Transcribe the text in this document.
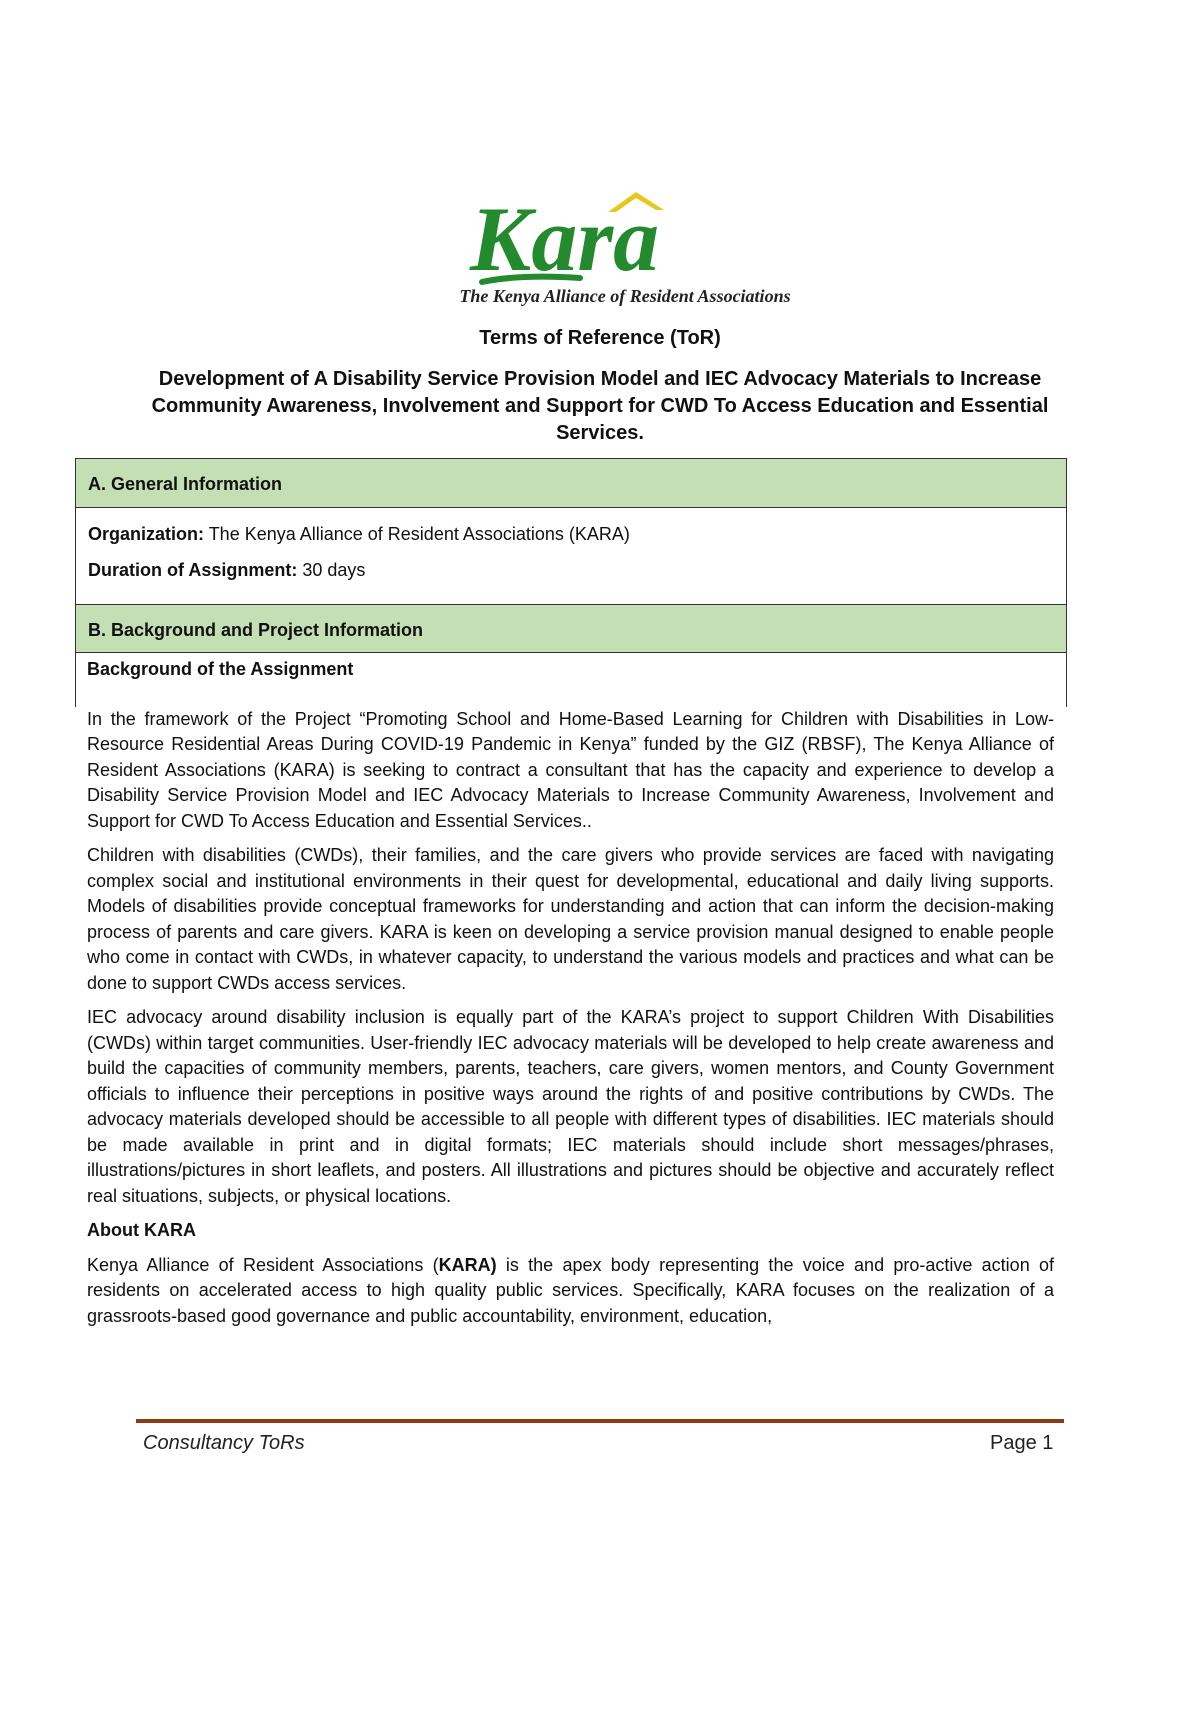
Kara
The Kenya Alliance of Resident Associations
Terms of Reference (ToR)
Development of A Disability Service Provision Model and IEC Advocacy Materials to Increase Community Awareness, Involvement and Support for CWD To Access Education and Essential Services.
A. General Information

Organization: The Kenya Alliance of Resident Associations (KARA)

Duration of Assignment: 30 days

B. Background and Project Information

Background of the Assignment

In the framework of the Project “Promoting School and Home-Based Learning for Children with Disabilities in Low-Resource Residential Areas During COVID-19 Pandemic in Kenya” funded by the GIZ (RBSF), The Kenya Alliance of Resident Associations (KARA) is seeking to contract a consultant that has the capacity and experience to develop a Disability Service Provision Model and IEC Advocacy Materials to Increase Community Awareness, Involvement and Support for CWD To Access Education and Essential Services..

Children with disabilities (CWDs), their families, and the care givers who provide services are faced with navigating complex social and institutional environments in their quest for developmental, educational and daily living supports. Models of disabilities provide conceptual frameworks for understanding and action that can inform the decision-making process of parents and care givers. KARA is keen on developing a service provision manual designed to enable people who come in contact with CWDs, in whatever capacity, to understand the various models and practices and what can be done to support CWDs access services.

IEC advocacy around disability inclusion is equally part of the KARA’s project to support Children With Disabilities (CWDs) within target communities. User-friendly IEC advocacy materials will be developed to help create awareness and build the capacities of community members, parents, teachers, care givers, women mentors, and County Government officials to influence their perceptions in positive ways around the rights of and positive contributions by CWDs. The advocacy materials developed should be accessible to all people with different types of disabilities. IEC materials should be made available in print and in digital formats; IEC materials should include short messages/phrases, illustrations/pictures in short leaflets, and posters. All illustrations and pictures should be objective and accurately reflect real situations, subjects, or physical locations.

About KARA

Kenya Alliance of Resident Associations (KARA) is the apex body representing the voice and pro-active action of residents on accelerated access to high quality public services. Specifically, KARA focuses on the realization of a grassroots-based good governance and public accountability, environment, education,

Consultancy ToRs	Page 1
